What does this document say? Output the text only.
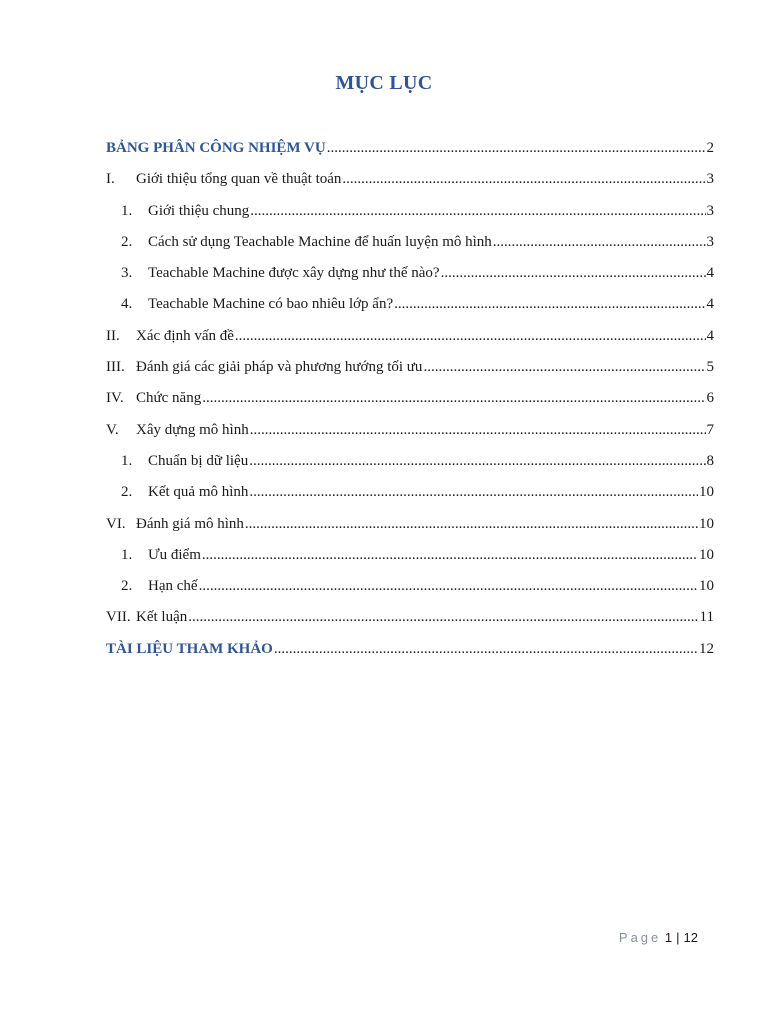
MỤC LỤC
BẢNG PHÂN CÔNG NHIỆM VỤ .....	2
I.	Giới thiệu tổng quan về thuật toán .....	3
1.	Giới thiệu chung .....	3
2.	Cách sử dụng Teachable Machine để huấn luyện mô hình .....	3
3.	Teachable Machine được xây dựng như thế nào? .....	4
4.	Teachable Machine có bao nhiêu lớp ẩn? .....	4
II.	Xác định vấn đề .....	4
III. Đánh giá các giải pháp và phương hướng tối ưu .....	5
IV. Chức năng .....	6
V.	Xây dựng mô hình .....	7
1.	Chuẩn bị dữ liệu .....	8
2.	Kết quả mô hình .....	10
VI. Đánh giá mô hình .....	10
1.	Ưu điểm .....	10
2.	Hạn chế .....	10
VII. Kết luận .....	11
TÀI LIỆU THAM KHẢO .....	12
Page 1 | 12
